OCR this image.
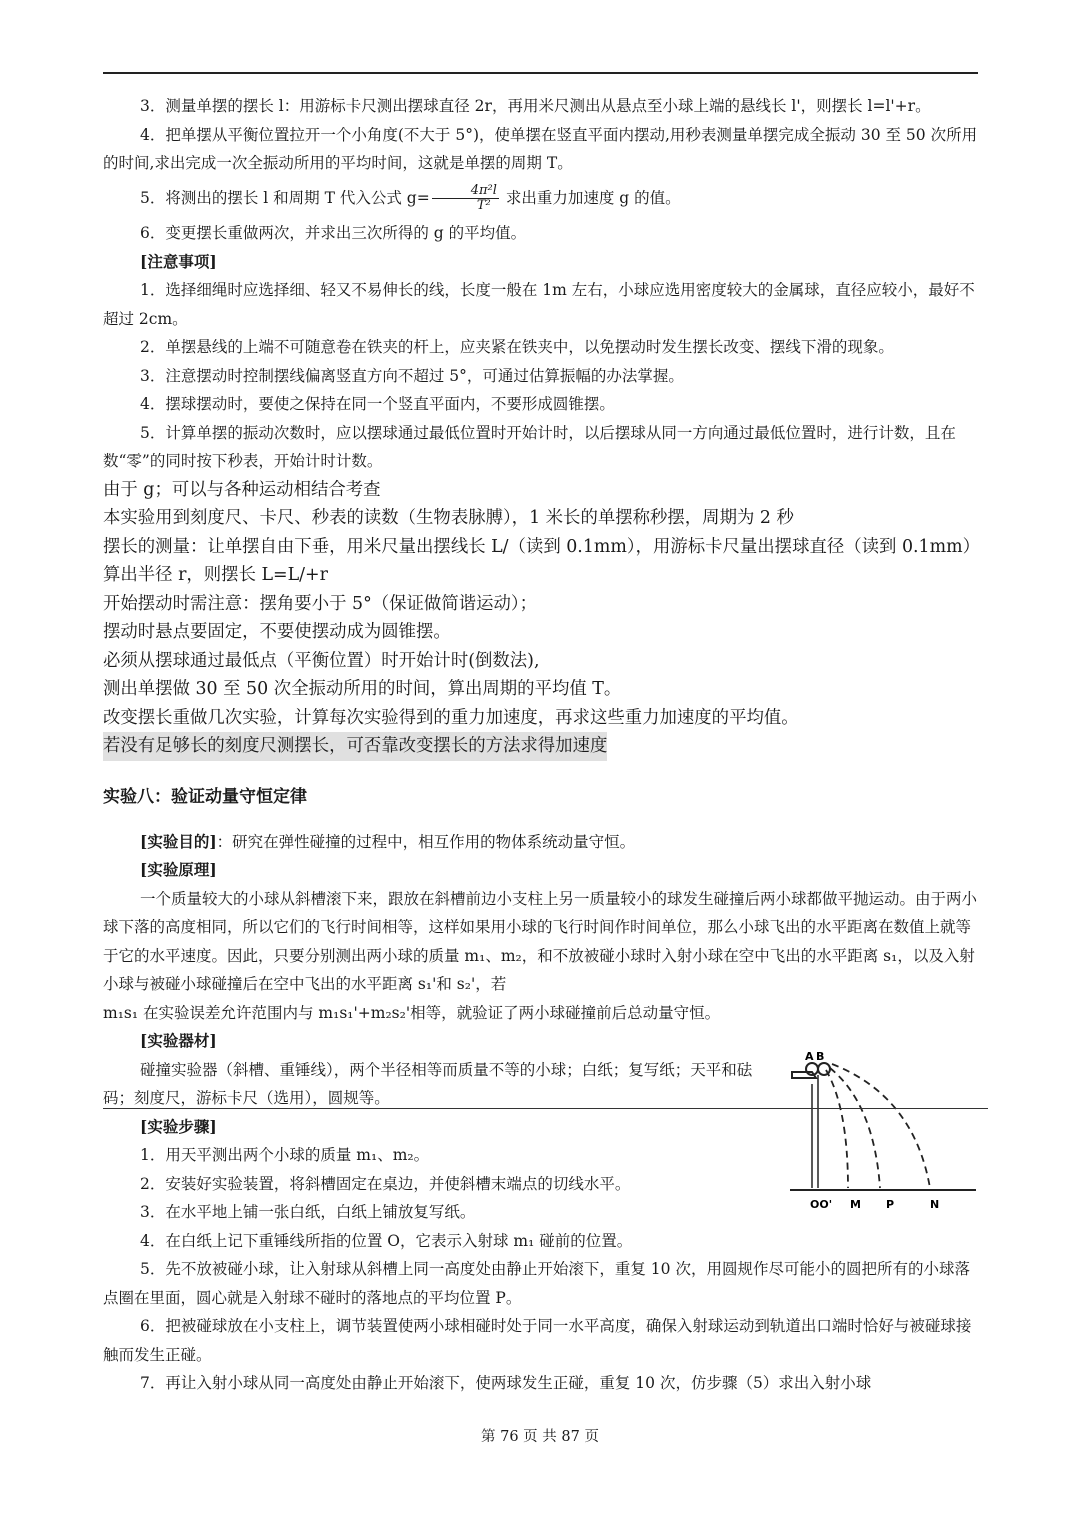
3．测量单摆的摆长 l：用游标卡尺测出摆球直径 2r，再用米尺测出从悬点至小球上端的悬线长 l'，则摆长 l=l'+r。

4．把单摆从平衡位置拉开一个小角度(不大于 5°)，使单摆在竖直平面内摆动,用秒表测量单摆完成全振动 30 至 50 次所用的时间,求出完成一次全振动所用的平均时间，这就是单摆的周期 T。

5．将测出的摆长 l 和周期 T 代入公式 $g= \frac{\text{4π²l}}{\text{T²}}$ 求出重力加速度 g 的值。

6．变更摆长重做两次，并求出三次所得的 g 的平均值。

[注意事项]

1．选择细绳时应选择细、轻又不易伸长的线，长度一般在 1m 左右，小球应选用密度较大的金属球，直径应较小，最好不超过 2cm。

2．单摆悬线的上端不可随意卷在铁夹的杆上，应夹紧在铁夹中，以免摆动时发生摆长改变、摆线下滑的现象。

3．注意摆动时控制摆线偏离竖直方向不超过 5°，可通过估算振幅的办法掌握。

4．摆球摆动时，要使之保持在同一个竖直平面内，不要形成圆锥摆。

5．计算单摆的振动次数时，应以摆球通过最低位置时开始计时，以后摆球从同一方向通过最低位置时，进行计数，且在数“零”的同时按下秒表，开始计时计数。

由于 g；可以与各种运动相结合考查

本实验用到刻度尺、卡尺、秒表的读数（生物表脉膊），1 米长的单摆称秒摆，周期为 2 秒

摆长的测量：让单摆自由下垂，用米尺量出摆线长 L/（读到 0.1mm），用游标卡尺量出摆球直径（读到 0.1mm）算出半径 r，则摆长 L=L/+r

开始摆动时需注意：摆角要小于 5°（保证做简谐运动）；

摆动时悬点要固定，不要使摆动成为圆锥摆。

必须从摆球通过最低点（平衡位置）时开始计时(倒数法),

测出单摆做 30 至 50 次全振动所用的时间，算出周期的平均值 T。

改变摆长重做几次实验，计算每次实验得到的重力加速度，再求这些重力加速度的平均值。

若没有足够长的刻度尺测摆长，可否靠改变摆长的方法求得加速度

实验八：验证动量守恒定律

[实验目的]：研究在弹性碰撞的过程中，相互作用的物体系统动量守恒。

[实验原理]

一个质量较大的小球从斜槽滚下来，跟放在斜槽前边小支柱上另一质量较小的球发生碰撞后两小球都做平抛运动。由于两小球下落的高度相同，所以它们的飞行时间相等，这样如果用小球的飞行时间作时间单位，那么小球飞出的水平距离在数值上就等于它的水平速度。因此，只要分别测出两小球的质量 m₁、m₂，和不放被碰小球时入射小球在空中飞出的水平距离 s₁，以及入射小球与被碰小球碰撞后在空中飞出的水平距离 s₁'和 s₂'，若

m₁s₁ 在实验误差允许范围内与 m₁s₁'+m₂s₂'相等，就验证了两小球碰撞前后总动量守恒。

[实验器材]

碰撞实验器（斜槽、重锤线），两个半径相等而质量不等的小球；白纸；复写纸；天平和砝码；刻度尺，游标卡尺（选用），圆规等。

[实验步骤]

1．用天平测出两个小球的质量 m₁、m₂。

2．安装好实验装置，将斜槽固定在桌边，并使斜槽末端点的切线水平。

3．在水平地上铺一张白纸，白纸上铺放复写纸。

4．在白纸上记下重锤线所指的位置 O，它表示入射球 m₁ 碰前的位置。

5．先不放被碰小球，让入射球从斜槽上同一高度处由静止开始滚下，重复 10 次，用圆规作尽可能小的圆把所有的小球落点圈在里面，圆心就是入射球不碰时的落地点的平均位置 P。

6．把被碰球放在小支柱上，调节装置使两小球相碰时处于同一水平高度，确保入射球运动到轨道出口端时恰好与被碰球接触而发生正碰。

7．再让入射小球从同一高度处由静止开始滚下，使两球发生正碰，重复 10 次，仿步骤（5）求出入射小球

A B
OO' M P	N
第 76 页 共 87 页
